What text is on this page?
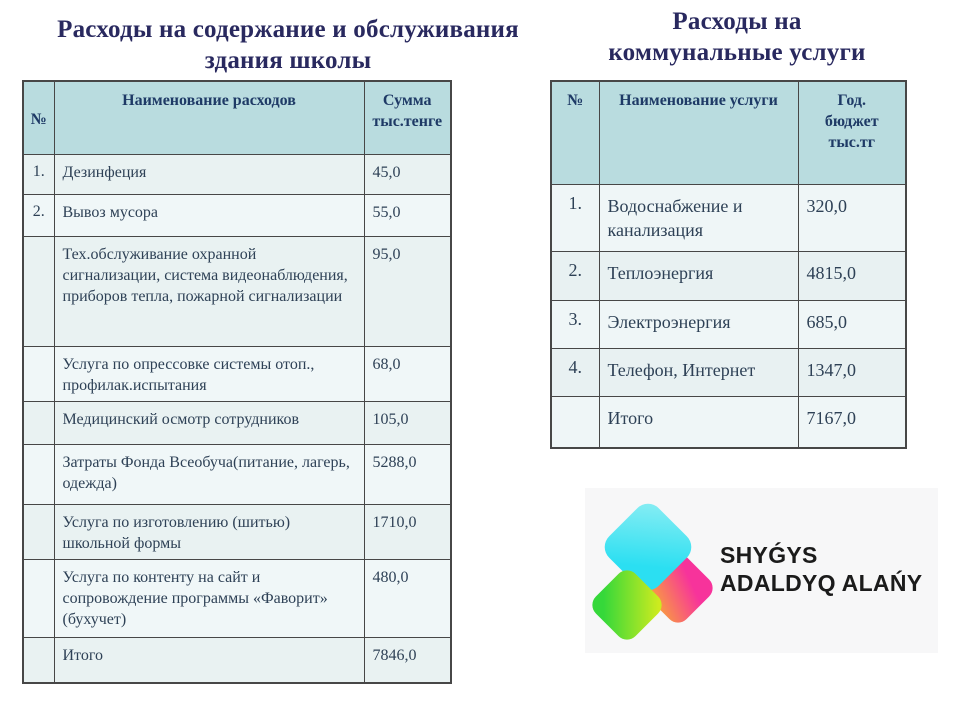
Расходы на содержание и обслуживания
здания школы
Расходы на
коммунальные услуги
№	Наименование расходов	Сумма
тыс.тенге

1.	Дезинфеция	45,0
2.	Вывоз мусора	55,0
	Тех.обслуживание охранной сигнализации, система видеонаблюдения, приборов тепла, пожарной сигнализации	95,0
	Услуга по опрессовке системы отоп., профилак.испытания	68,0
	Медицинский осмотр сотрудников	105,0
	Затраты Фонда Всеобуча(питание, лагерь, одежда)	5288,0
	Услуга по изготовлению (шитью) школьной формы	1710,0
	Услуга по контенту на сайт и сопровождение программы «Фаворит» (бухучет)	480,0
	Итого	7846,0
№	Наименование услуги	Год.
бюджет
тыс.тг

1.	Водоснабжение и канализация	320,0
2.	Теплоэнергия	4815,0
3.	Электроэнергия	685,0
4.	Телефон, Интернет	1347,0
	Итого	7167,0
SHYǴYS
ADALDYQ ALAŃY
